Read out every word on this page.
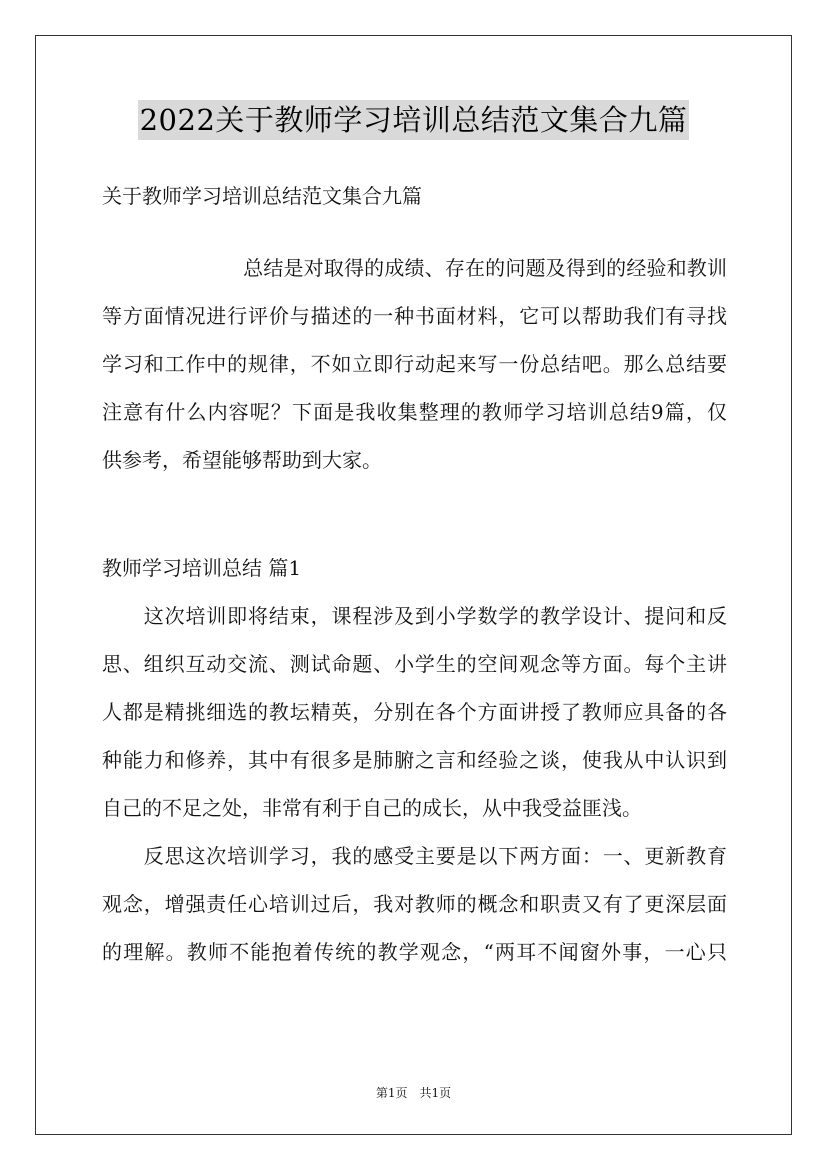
2022关于教师学习培训总结范文集合九篇
关于教师学习培训总结范文集合九篇
　　　　　　　总结是对取得的成绩、存在的问题及得到的经验和教训
等方面情况进行评价与描述的一种书面材料，它可以帮助我们有寻找
学习和工作中的规律，不如立即行动起来写一份总结吧。那么总结要
注意有什么内容呢？下面是我收集整理的教师学习培训总结9篇，仅
供参考，希望能够帮助到大家。
教师学习培训总结 篇1
　　这次培训即将结束，课程涉及到小学数学的教学设计、提问和反
思、组织互动交流、测试命题、小学生的空间观念等方面。每个主讲
人都是精挑细选的教坛精英，分别在各个方面讲授了教师应具备的各
种能力和修养，其中有很多是肺腑之言和经验之谈，使我从中认识到
自己的不足之处，非常有利于自己的成长，从中我受益匪浅。
　　反思这次培训学习，我的感受主要是以下两方面：一、更新教育
观念，增强责任心培训过后，我对教师的概念和职责又有了更深层面
的理解。教师不能抱着传统的教学观念，“两耳不闻窗外事，一心只
第1页　共1页
